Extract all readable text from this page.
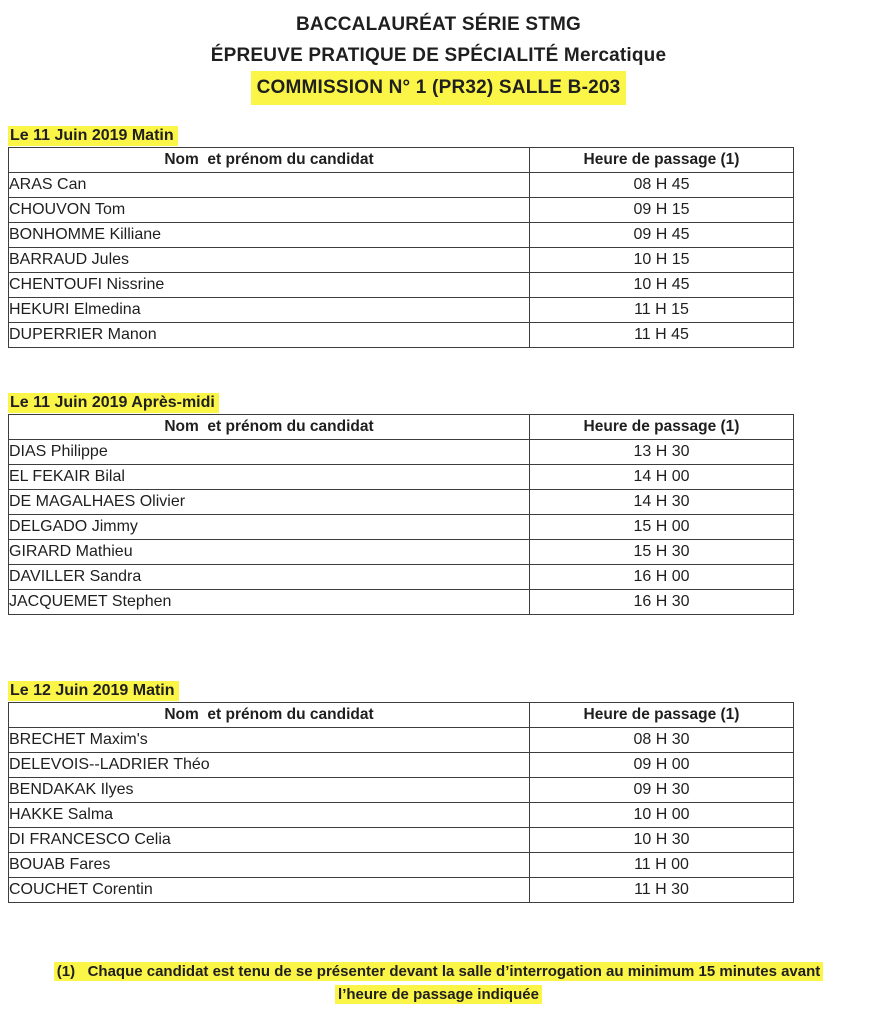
BACCALAURÉAT SÉRIE STMG
ÉPREUVE PRATIQUE DE SPÉCIALITÉ Mercatique
COMMISSION N° 1 (PR32) SALLE B-203
Le 11 Juin 2019 Matin
Nom  et prénom du candidat	Heure de passage (1)
ARAS Can	08 H 45
CHOUVON Tom	09 H 15
BONHOMME Killiane	09 H 45
BARRAUD Jules	10 H 15
CHENTOUFI Nissrine	10 H 45
HEKURI Elmedina	11 H 15
DUPERRIER Manon	11 H 45
Le 11 Juin 2019 Après-midi
Nom  et prénom du candidat	Heure de passage (1)
DIAS Philippe	13 H 30
EL FEKAIR Bilal	14 H 00
DE MAGALHAES Olivier	14 H 30
DELGADO Jimmy	15 H 00
GIRARD Mathieu	15 H 30
DAVILLER Sandra	16 H 00
JACQUEMET Stephen	16 H 30
Le 12 Juin 2019 Matin
Nom  et prénom du candidat	Heure de passage (1)
BRECHET Maxim's	08 H 30
DELEVOIS--LADRIER Théo	09 H 00
BENDAKAK Ilyes	09 H 30
HAKKE Salma	10 H 00
DI FRANCESCO Celia	10 H 30
BOUAB Fares	11 H 00
COUCHET Corentin	11 H 30
(1)   Chaque candidat est tenu de se présenter devant la salle d’interrogation au minimum 15 minutes avant
l’heure de passage indiquée
